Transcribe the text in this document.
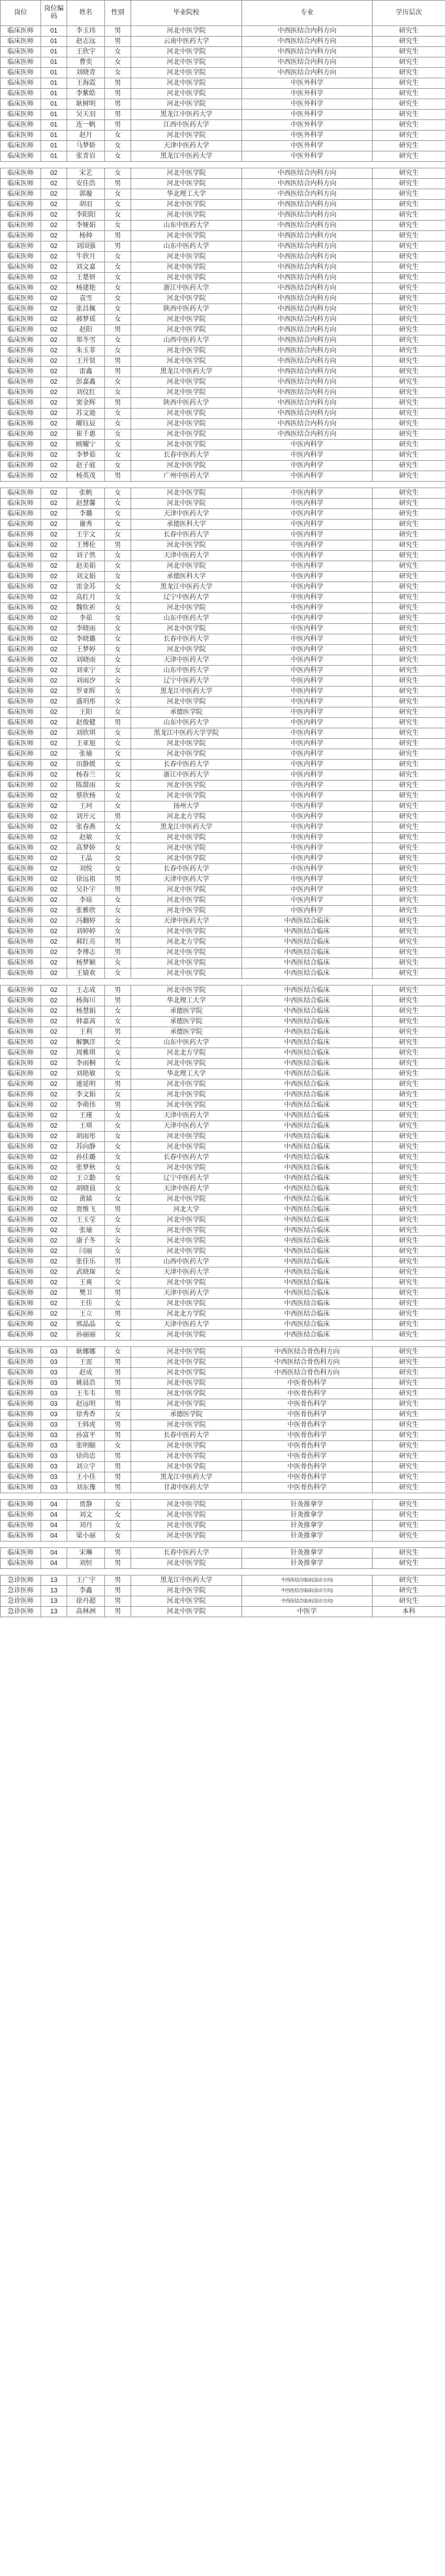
岗位	岗位编码	姓名	性别	毕业院校	专业	学历层次
临床医师	01	李玉玮	男	河北中医学院	中西医结合内科方向	研究生
临床医师	01	赵志远	男	云南中医药大学	中西医结合内科方向	研究生
临床医师	01	王欣宇	女	河北中医学院	中西医结合内科方向	研究生
临床医师	01	曹奕	女	河北中医学院	中西医结合内科方向	研究生
临床医师	01	刘晓青	女	河北中医学院	中西医结合内科方向	研究生
临床医师	01	王海霞	男	河北中医学院	中医外科学	研究生
临床医师	01	李紫皓	男	河北中医学院	中医外科学	研究生
临床医师	01	耿树明	男	河北中医学院	中医外科学	研究生
临床医师	01	吴天羽	男	黑龙江中医药大学	中医外科学	研究生
临床医师	01	连一帆	男	江西中医药大学	中医外科学	研究生
临床医师	01	赵月	女	河北中医学院	中医外科学	研究生
临床医师	01	马梦娇	女	天津中医药大学	中医外科学	研究生
临床医师	01	张青岩	女	黑龙江中医药大学	中医外科学	研究生

临床医师	02	宋艺	女	河北中医学院	中西医结合内科方向	研究生
临床医师	02	安佳浩	男	河北中医学院	中西医结合内科方向	研究生
临床医师	02	郭璇	女	华北理工大学	中西医结合内科方向	研究生
临床医师	02	胡羽	女	河北中医学院	中西医结合内科方向	研究生
临床医师	02	李阳阳	女	河北中医学院	中西医结合内科方向	研究生
临床医师	02	李娅娟	女	山东中医药大学	中西医结合内科方向	研究生
临床医师	02	杨帅	男	河北中医学院	中西医结合内科方向	研究生
临床医师	02	刘国强	男	山东中医药大学	中西医结合内科方向	研究生
临床医师	02	牛欣月	女	河北中医学院	中西医结合内科方向	研究生
临床医师	02	刘文嘉	女	河北中医学院	中西医结合内科方向	研究生
临床医师	02	王楚妍	女	河北中医学院	中西医结合内科方向	研究生
临床医师	02	杨建艳	女	浙江中医药大学	中西医结合内科方向	研究生
临床医师	02	袁雪	女	河北中医学院	中西医结合内科方向	研究生
临床医师	02	张昌佩	女	陕西中医药大学	中西医结合内科方向	研究生
临床医师	02	郝梦瑶	女	河北中医学院	中西医结合内科方向	研究生
临床医师	02	赵阳	男	河北中医学院	中西医结合内科方向	研究生
临床医师	02	郑冬雪	女	山西中医药大学	中西医结合内科方向	研究生
临床医师	02	朱玉菲	女	河北中医学院	中西医结合内科方向	研究生
临床医师	02	王开贤	男	河北中医学院	中西医结合内科方向	研究生
临床医师	02	雷鑫	男	黑龙江中医药大学	中西医结合内科方向	研究生
临床医师	02	彭嘉鑫	女	河北中医学院	中西医结合内科方向	研究生
临床医师	02	刘仪红	女	河北中医学院	中西医结合内科方向	研究生
临床医师	02	窦金辉	男	陕西中医药大学	中西医结合内科方向	研究生
临床医师	02	苏文迪	女	河北中医学院	中西医结合内科方向	研究生
临床医师	02	曜钰辰	女	河北中医学院	中西医结合内科方向	研究生
临床医师	02	崔千惠	女	河北中医学院	中西医结合内科方向	研究生
临床医师	02	顾耀宁	女	河北中医学院	中医内科学	研究生
临床医师	02	李梦茹	女	长春中医药大学	中医内科学	研究生
临床医师	02	赵子庭	女	河北中医学院	中医内科学	研究生
临床医师	02	杨英茂	男	广州中医药大学	中医内科学	研究生

临床医师	02	张帆	女	河北中医学院	中医内科学	研究生
临床医师	02	赵慧馨	女	河北中医学院	中医内科学	研究生
临床医师	02	李璐	女	天津中医药大学	中医内科学	研究生
临床医师	02	谢秀	女	承德医科大学	中医内科学	研究生
临床医师	02	王宇文	女	长春中医药大学	中医内科学	研究生
临床医师	02	王博伦	男	河北中医学院	中医内科学	研究生
临床医师	02	刘子然	女	天津中医药大学	中医内科学	研究生
临床医师	02	赵美娟	女	河北中医学院	中医内科学	研究生
临床医师	02	刘文娟	女	承德医科大学	中医内科学	研究生
临床医师	02	雷金苏	女	黑龙江中医药大学	中医内科学	研究生
临床医师	02	高红月	女	辽宁中医药大学	中医内科学	研究生
临床医师	02	魏钦祈	女	河北中医学院	中医内科学	研究生
临床医师	02	李茹	女	山东中医药大学	中医内科学	研究生
临床医师	02	李晓雨	女	河北中医学院	中医内科学	研究生
临床医师	02	李晓璐	女	长春中医药大学	中医内科学	研究生
临床医师	02	王梦婷	女	河北中医学院	中医内科学	研究生
临床医师	02	刘晓雨	女	天津中医药大学	中医内科学	研究生
临床医师	02	刘亚宁	女	山东中医药大学	中医内科学	研究生
临床医师	02	刘雨汐	女	辽宁中医药大学	中医内科学	研究生
临床医师	02	罗亚晖	女	黑龙江中医药大学	中医内科学	研究生
临床医师	02	盛玥彤	女	河北中医学院	中医内科学	研究生
临床医师	02	王阳	女	承德医学院	中医内科学	研究生
临床医师	02	赵俊健	男	山东中医药大学	中医内科学	研究生
临床医师	02	刘欣琪	女	黑龙江中医药大学学院	中医内科学	研究生
临床医师	02	王亚旭	女	河北中医学院	中医内科学	研究生
临床医师	02	张瑜	女	河北中医学院	中医内科学	研究生
临床医师	02	田静媛	女	长春中医药大学	中医内科学	研究生
临床医师	02	杨春兰	女	浙江中医药大学	中医内科学	研究生
临床医师	02	陈甜雨	女	河北中医学院	中医内科学	研究生
临床医师	02	蔡欣杨	女	河北中医学院	中医内科学	研究生
临床医师	02	王珂	女	扬州大学	中医内科学	研究生
临床医师	02	刘开元	男	河北北方学院	中医内科学	研究生
临床医师	02	张春燕	女	黑龙江中医药大学	中医内科学	研究生
临床医师	02	赵敏	女	河北中医学院	中医内科学	研究生
临床医师	02	高梦娇	女	河北中医学院	中医内科学	研究生
临床医师	02	王晶	女	河北中医学院	中医内科学	研究生
临床医师	02	刘悦	女	长春中医药大学	中医内科学	研究生
临床医师	02	徐远祖	男	天津中医药大学	中医内科学	研究生
临床医师	02	吴扑宇	男	河北中医学院	中医内科学	研究生
临床医师	02	李琼	女	河北中医学院	中医内科学	研究生
临床医师	02	张雅欣	女	河北中医学院	中医内科学	研究生
临床医师	02	冯翻婷	女	天津中医药大学	中西医结合临床	研究生
临床医师	02	刘婷婷	女	河北中医学院	中西医结合临床	研究生
临床医师	02	郝红亮	男	河北北方学院	中西医结合临床	研究生
临床医师	02	李博志	男	河北中医学院	中西医结合临床	研究生
临床医师	02	杨梦颖	女	河北中医学院	中西医结合临床	研究生
临床医师	02	王婧欢	女	河北中医学院	中西医结合临床	研究生

临床医师	02	王志成	男	河北中医学院	中西医结合临床	研究生
临床医师	02	杨海川	男	华北理工大学	中西医结合临床	研究生
临床医师	02	杨慧娟	女	承德医学院	中西医结合临床	研究生
临床医师	02	韩嘉茜	女	承德医学院	中西医结合临床	研究生
临床医师	02	王利	男	承德医学院	中西医结合临床	研究生
临床医师	02	解飘洋	女	山东中医药大学	中西医结合临床	研究生
临床医师	02	周雅琪	女	河北北方学院	中西医结合临床	研究生
临床医师	02	李雨桐	女	河北中医学院	中西医结合临床	研究生
临床医师	02	刘艳敏	女	华北理工大学	中西医结合临床	研究生
临床医师	02	連延明	男	河北中医学院	中西医结合临床	研究生
临床医师	02	李文娟	女	河北中医学院	中西医结合临床	研究生
临床医师	02	李萌伟	男	河北中医学院	中西医结合临床	研究生
临床医师	02	王瑾	女	天津中医药大学	中西医结合临床	研究生
临床医师	02	王琪	女	天津中医药大学	中西医结合临床	研究生
临床医师	02	胡雨彤	女	河北中医学院	中西医结合临床	研究生
临床医师	02	苏向静	女	河北中医学院	中西医结合临床	研究生
临床医师	02	孙佳璐	女	长春中医药大学	中西医结合临床	研究生
临床医师	02	张梦秋	女	河北中医学院	中西医结合临床	研究生
临床医师	02	王立勤	女	辽宁中医药大学	中西医结合临床	研究生
临床医师	02	胡晓晨	女	天津中医药大学	中西医结合临床	研究生
临床医师	02	黄婧	女	河北中医学院	中西医结合临床	研究生
临床医师	02	贾维飞	男	河北大学	中西医结合临床	研究生
临床医师	02	王玉莹	女	河北中医学院	中西医结合临床	研究生
临床医师	02	张瑜	女	河北中医学院	中西医结合临床	研究生
临床医师	02	康子冬	女	河北中医学院	中西医结合临床	研究生
临床医师	02	闫丽	女	河北中医学院	中西医结合临床	研究生
临床医师	02	张佳乐	男	山西中医药大学	中西医结合临床	研究生
临床医师	02	武晓琛	女	天津中医药大学	中西医结合临床	研究生
临床医师	02	王爽	女	河北中医学院	中西医结合临床	研究生
临床医师	02	樊卫	男	天津中医药大学	中西医结合临床	研究生
临床医师	02	王佳	女	河北中医学院	中西医结合临床	研究生
临床医师	02	王立	男	河北北方学院	中西医结合临床	研究生
临床医师	02	邢晶晶	女	天津中医药大学	中西医结合临床	研究生
临床医师	02	孙丽丽	女	河北中医学院	中西医结合临床	研究生

临床医师	03	耿娜娜	女	河北中医学院	中西医结合骨伤科方向	研究生
临床医师	03	王雷	男	河北中医学院	中西医结合骨伤科方向	研究生
临床医师	03	赵成	男	河北中医学院	中西医结合骨伤科方向	研究生
临床医师	03	姚晨浩	男	河北中医学院	中医骨伤科学	研究生
临床医师	03	王韦韦	男	河北中医学院	中医骨伤科学	研究生
临床医师	03	赵远明	男	河北中医学院	中医骨伤科学	研究生
临床医师	03	徐秀香	女	承德医学院	中医骨伤科学	研究生
临床医师	03	王韩虎	男	河北中医学院	中医骨伤科学	研究生
临床医师	03	孙富平	男	长春中医药大学	中医骨伤科学	研究生
临床医师	03	张明颐	女	河北中医学院	中医骨伤科学	研究生
临床医师	03	徐尚忠	男	河北中医学院	中医骨伤科学	研究生
临床医师	03	刘立宇	男	河北中医学院	中医骨伤科学	研究生
临床医师	03	王小佳	男	黑龙江中医药大学	中医骨伤科学	研究生
临床医师	03	刘东豫	男	甘肃中医药大学	中医骨伤科学	研究生

临床医师	04	贾静	女	河北中医学院	针灸推拿学	研究生
临床医师	04	刘文	女	河北中医学院	针灸推拿学	研究生
临床医师	04	刘丹	女	河北中医学院	针灸推拿学	研究生
临床医师	04	梁小丽	女	河北中医学院	针灸推拿学	研究生

临床医师	04	宋琳	男	长春中医药大学	针灸推拿学	研究生
临床医师	04	刘恒	男	河北中医学院	针灸推拿学	研究生

急诊医师	13	王广宇	男	黑龙江中医药大学	中西医结合临床(急诊方向)	研究生
急诊医师	13	李鑫	男	河北中医学院	中西医结合临床(急诊方向)	研究生
急诊医师	13	徐丹超	男	河北中医学院	中西医结合临床(急诊方向)	研究生
急诊医师	13	高林洲	男	河北中医学院	中医学	本科
